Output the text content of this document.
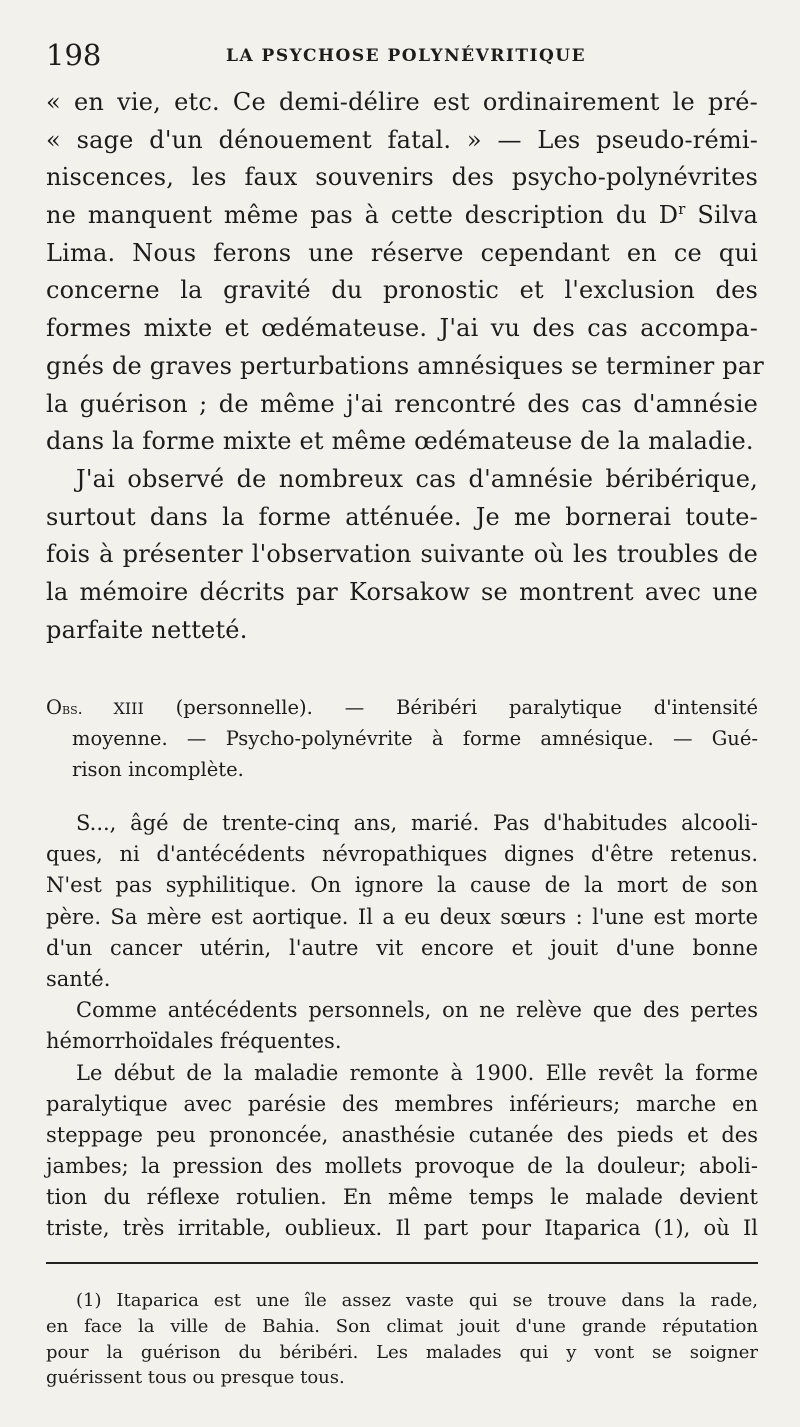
198	LA PSYCHOSE POLYNÉVRITIQUE
« en vie, etc. Ce demi-délire est ordinairement le pré-
« sage d'un dénouement fatal. » — Les pseudo-rémi-
niscences, les faux souvenirs des psycho-polynévrites
ne manquent même pas à cette description du $D^r$ Silva
Lima. Nous ferons une réserve cependant en ce qui
concerne la gravité du pronostic et l'exclusion des
formes mixte et œdémateuse. J'ai vu des cas accompa-
gnés de graves perturbations amnésiques se terminer par
la guérison ; de même j'ai rencontré des cas d'amnésie
dans la forme mixte et même œdémateuse de la maladie.
J'ai observé de nombreux cas d'amnésie béribérique,
surtout dans la forme atténuée. Je me bornerai toute-
fois à présenter l'observation suivante où les troubles de
la mémoire décrits par Korsakow se montrent avec une
parfaite netteté.
Obs. XIII (personnelle). — Béribéri paralytique d'intensité
moyenne. — Psycho-polynévrite à forme amnésique. — Gué-
rison incomplète.
S..., âgé de trente-cinq ans, marié. Pas d'habitudes alcooli-
ques, ni d'antécédents névropathiques dignes d'être retenus.
N'est pas syphilitique. On ignore la cause de la mort de son
père. Sa mère est aortique. Il a eu deux sœurs : l'une est morte
d'un cancer utérin, l'autre vit encore et jouit d'une bonne
santé.
Comme antécédents personnels, on ne relève que des pertes
hémorrhoïdales fréquentes.
Le début de la maladie remonte à 1900. Elle revêt la forme
paralytique avec parésie des membres inférieurs; marche en
steppage peu prononcée, anasthésie cutanée des pieds et des
jambes; la pression des mollets provoque de la douleur; aboli-
tion du réflexe rotulien. En même temps le malade devient
triste, très irritable, oublieux. Il part pour Itaparica (1), où Il
(1) Itaparica est une île assez vaste qui se trouve dans la rade,
en face la ville de Bahia. Son climat jouit d'une grande réputation
pour la guérison du béribéri. Les malades qui y vont se soigner
guérissent tous ou presque tous.
